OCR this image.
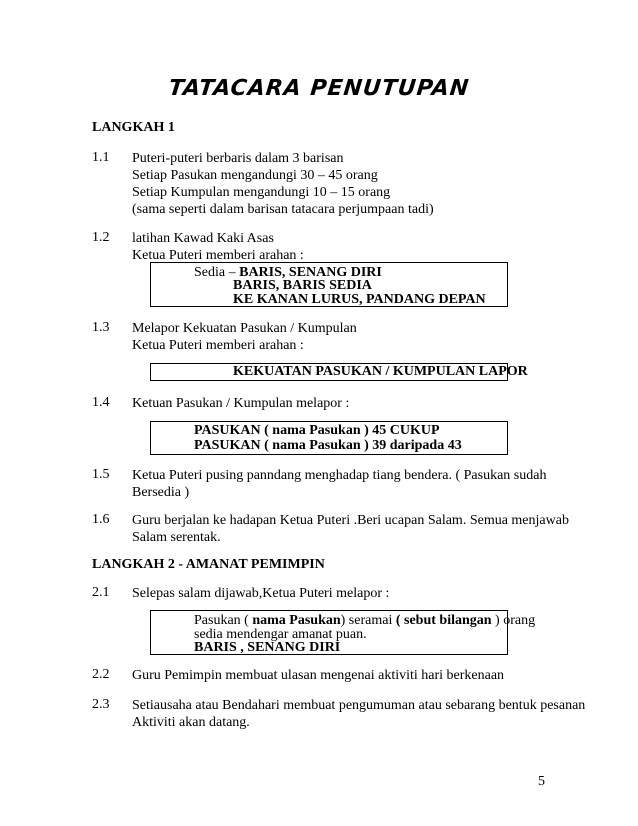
TATACARA PENUTUPAN
LANGKAH 1
1.1 Puteri-puteri berbaris dalam 3 barisan
Setiap Pasukan mengandungi 30 – 45 orang
Setiap Kumpulan mengandungi 10 – 15 orang
(sama seperti dalam barisan tatacara perjumpaan tadi)
1.2 latihan Kawad Kaki Asas
Ketua Puteri memberi arahan :
Sedia – BARIS, SENANG DIRI
BARIS, BARIS SEDIA
KE KANAN LURUS, PANDANG DEPAN
1.3 Melapor Kekuatan Pasukan / Kumpulan
Ketua Puteri memberi arahan :
KEKUATAN PASUKAN / KUMPULAN LAPOR
1.4 Ketuan Pasukan / Kumpulan melapor :
PASUKAN ( nama Pasukan ) 45 CUKUP
PASUKAN ( nama Pasukan ) 39 daripada 43
1.5 Ketua Puteri pusing panndang menghadap tiang bendera. ( Pasukan sudah
Bersedia )
1.6 Guru berjalan ke hadapan Ketua Puteri .Beri ucapan Salam. Semua menjawab
Salam serentak.
LANGKAH 2 - AMANAT PEMIMPIN
2.1 Selepas salam dijawab,Ketua Puteri melapor :
Pasukan ( nama Pasukan) seramai ( sebut bilangan ) orang
sedia mendengar amanat puan.
BARIS , SENANG DIRI
2.2 Guru Pemimpin membuat ulasan mengenai aktiviti hari berkenaan
2.3 Setiausaha atau Bendahari membuat pengumuman atau sebarang bentuk pesanan
Aktiviti akan datang.
5
